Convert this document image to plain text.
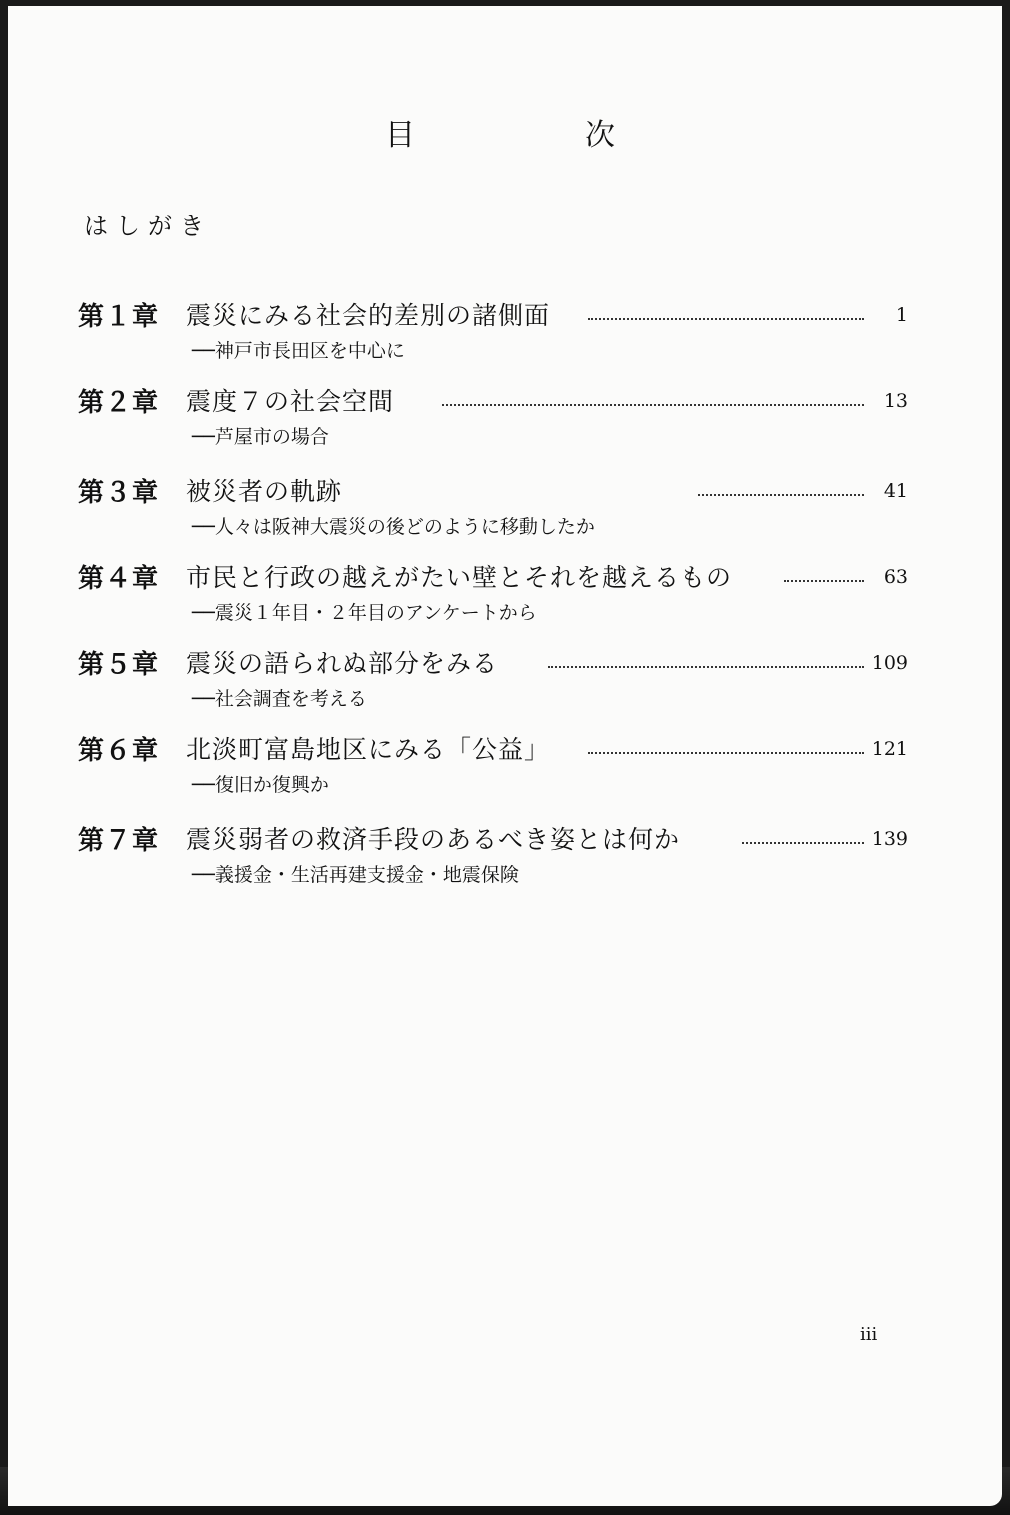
目　次
はしがき
第１章 震災にみる社会的差別の諸側面	1
──神戸市長田区を中心に
第２章 震度７の社会空間	13
──芦屋市の場合
第３章 被災者の軌跡	41
──人々は阪神大震災の後どのように移動したか
第４章 市民と行政の越えがたい壁とそれを越えるもの	63
──震災１年目・２年目のアンケートから
第５章 震災の語られぬ部分をみる	109
──社会調査を考える
第６章 北淡町富島地区にみる「公益」	121
──復旧か復興か
第７章 震災弱者の救済手段のあるべき姿とは何か	139
──義援金・生活再建支援金・地震保険
iii
